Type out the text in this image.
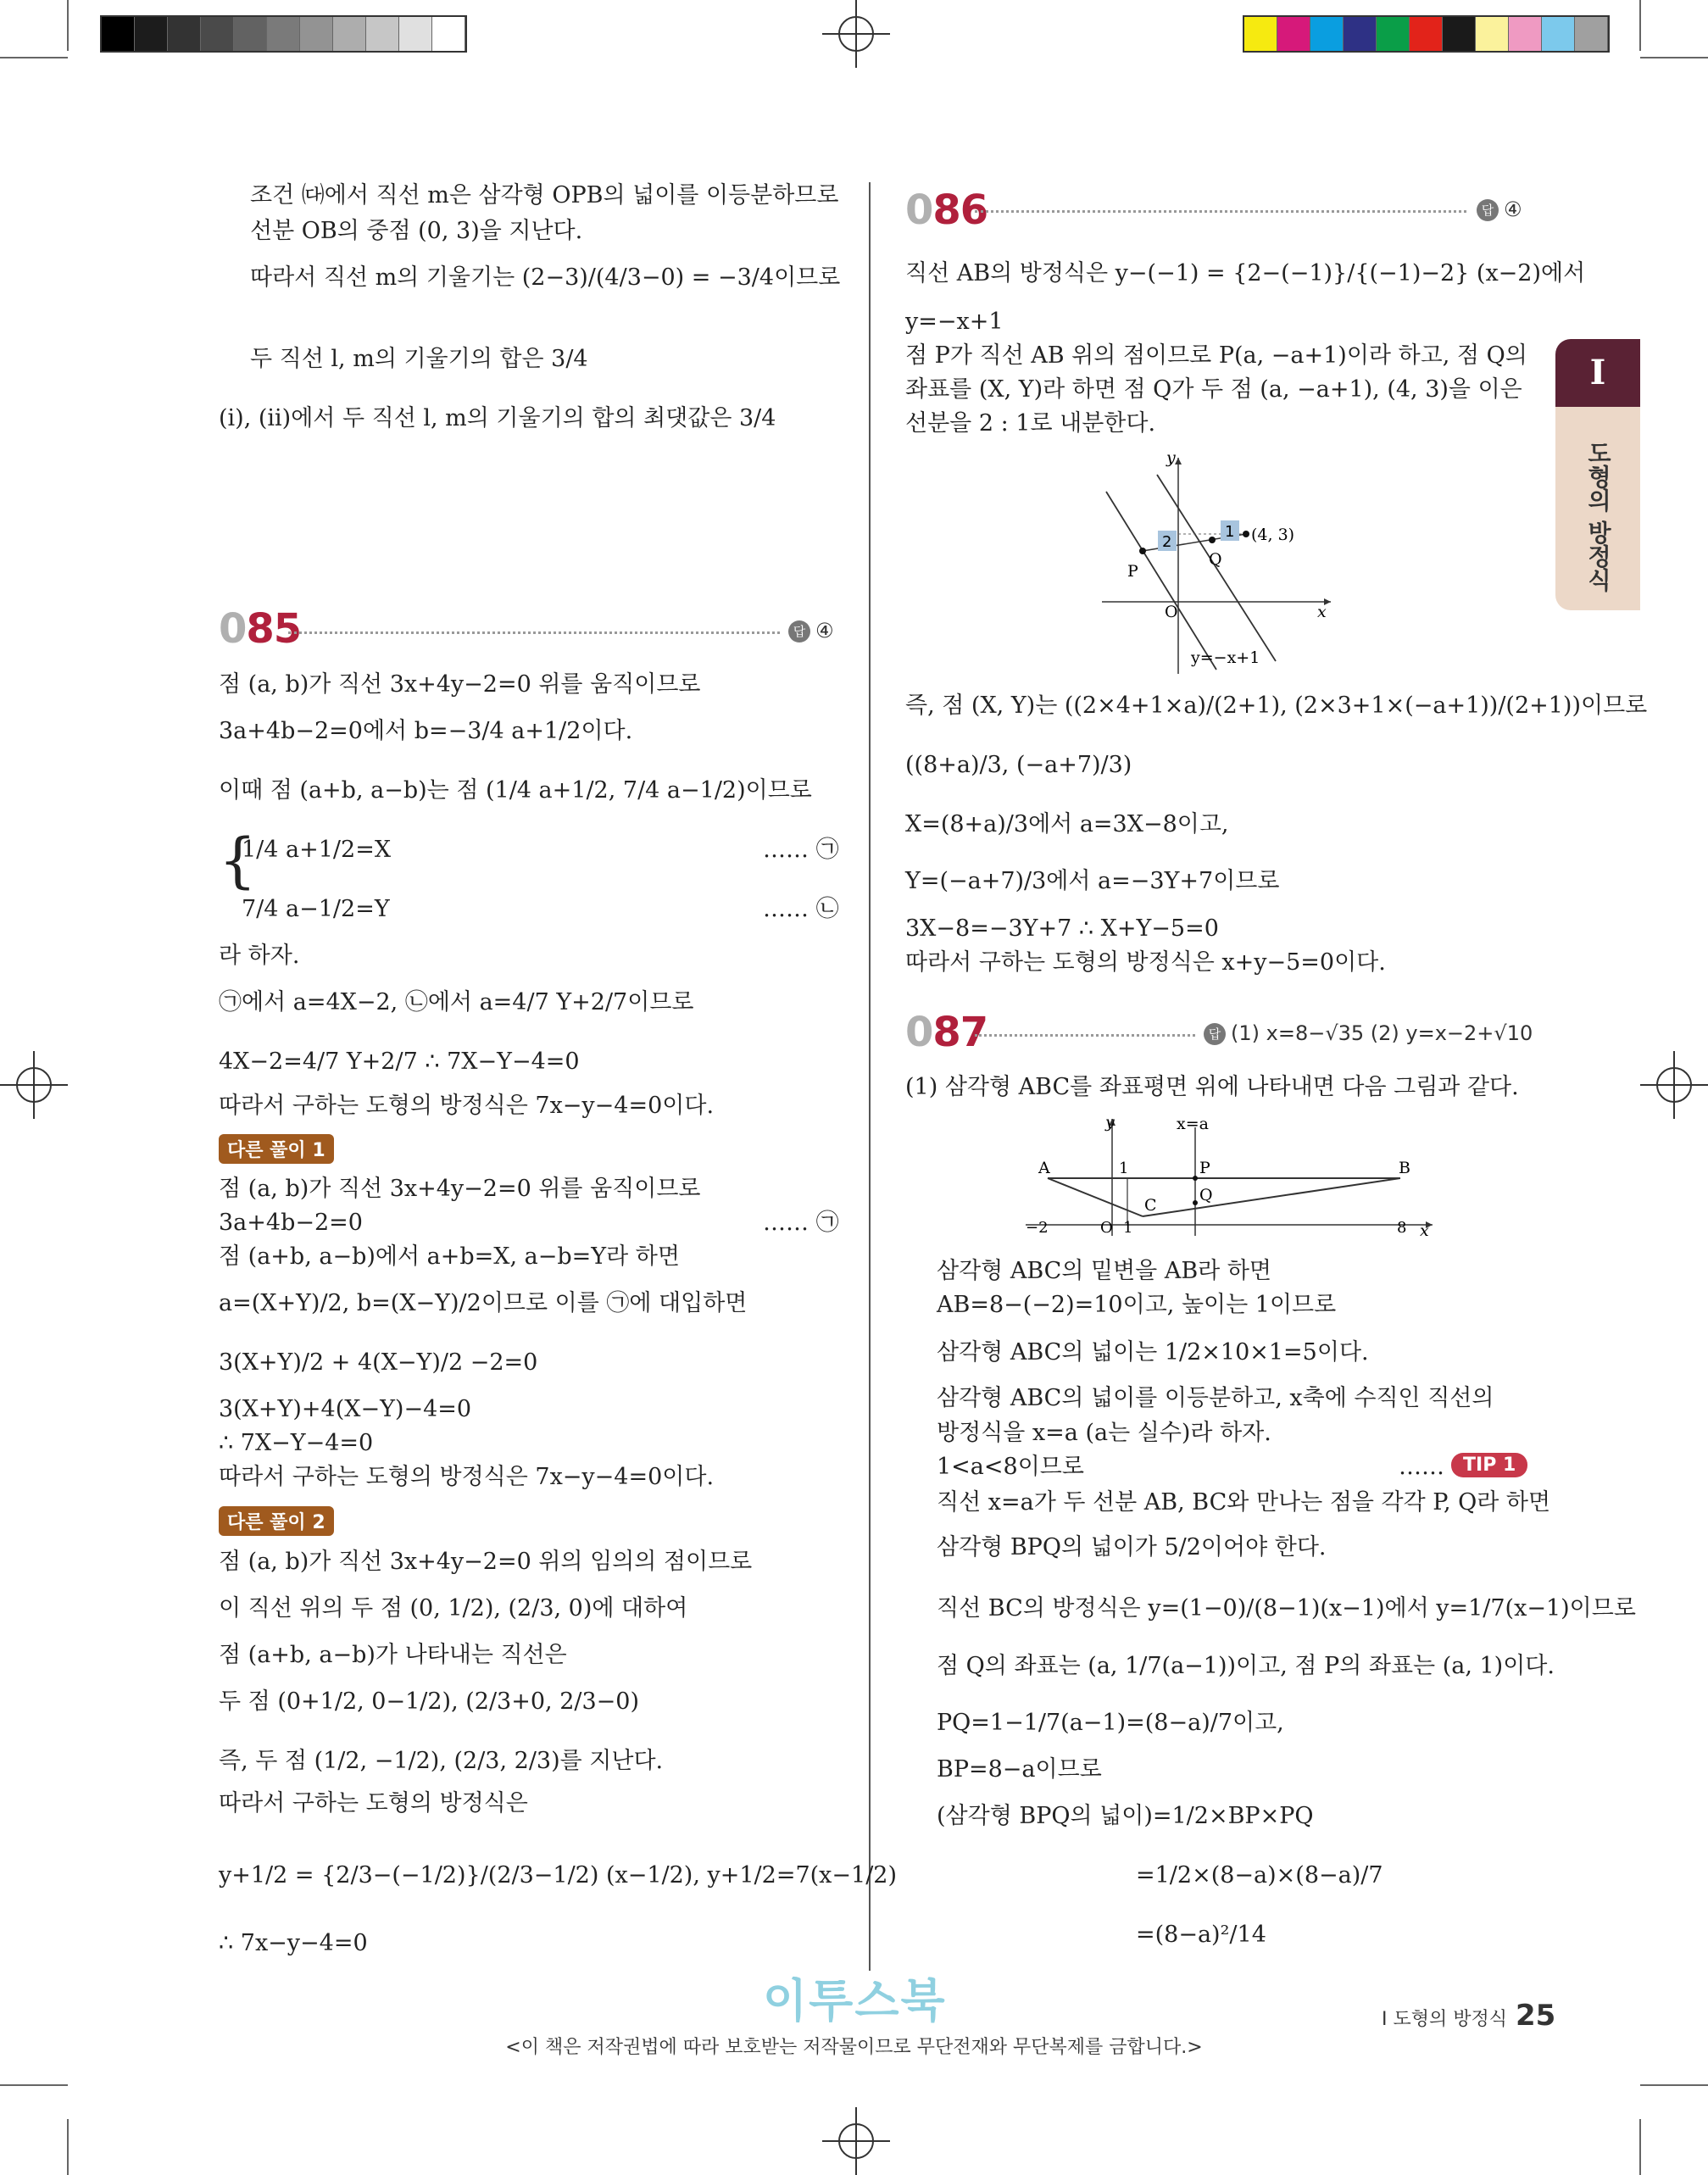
I
도형의 방정식
조건 ㈐에서 직선 m은 삼각형 OPB의 넓이를 이등분하므로
선분 OB의 중점 (0, 3)을 지난다.
따라서 직선 m의 기울기는 (2−3)/(4/3−0) = −3/4이므로
두 직선 l, m의 기울기의 합은 3/4
(ⅰ), (ⅱ)에서 두 직선 l, m의 기울기의 합의 최댓값은 3/4
085	답 ④
점 (a, b)가 직선 3x+4y−2=0 위를 움직이므로
3a+4b−2=0에서 b=−3/4 a+1/2이다.
이때 점 (a+b, a−b)는 점 (1/4 a+1/2, 7/4 a−1/2)이므로
{
1/4 a+1/2=X
7/4 a−1/2=Y
…… ㉠
…… ㉡
라 하자.
㉠에서 a=4X−2, ㉡에서 a=4/7 Y+2/7이므로
4X−2=4/7 Y+2/7 ∴ 7X−Y−4=0
따라서 구하는 도형의 방정식은 7x−y−4=0이다.
다른 풀이 1
점 (a, b)가 직선 3x+4y−2=0 위를 움직이므로
3a+4b−2=0	…… ㉠
점 (a+b, a−b)에서 a+b=X, a−b=Y라 하면
a=(X+Y)/2, b=(X−Y)/2이므로 이를 ㉠에 대입하면
3(X+Y)/2 + 4(X−Y)/2 −2=0
3(X+Y)+4(X−Y)−4=0
∴ 7X−Y−4=0
따라서 구하는 도형의 방정식은 7x−y−4=0이다.
다른 풀이 2
점 (a, b)가 직선 3x+4y−2=0 위의 임의의 점이므로
이 직선 위의 두 점 (0, 1/2), (2/3, 0)에 대하여
점 (a+b, a−b)가 나타내는 직선은
두 점 (0+1/2, 0−1/2), (2/3+0, 2/3−0)
즉, 두 점 (1/2, −1/2), (2/3, 2/3)를 지난다.
따라서 구하는 도형의 방정식은
y+1/2 = {2/3−(−1/2)}/(2/3−1/2) (x−1/2), y+1/2=7(x−1/2)
∴ 7x−y−4=0
086	답 ④
직선 AB의 방정식은 y−(−1) = {2−(−1)}/{(−1)−2} (x−2)에서
y=−x+1
점 P가 직선 AB 위의 점이므로 P(a, −a+1)이라 하고, 점 Q의
좌표를 (X, Y)라 하면 점 Q가 두 점 (a, −a+1), (4, 3)을 이은
선분을 2 : 1로 내분한다.
2
1 (4, 3)
P
Q
O	x
y
y=−x+1
즉, 점 (X, Y)는 ((2×4+1×a)/(2+1), (2×3+1×(−a+1))/(2+1))이므로
((8+a)/3, (−a+7)/3)
X=(8+a)/3에서 a=3X−8이고,
Y=(−a+7)/3에서 a=−3Y+7이므로
3X−8=−3Y+7 ∴ X+Y−5=0
따라서 구하는 도형의 방정식은 x+y−5=0이다.
087	답 (1) x=8−√35 (2) y=x−2+√10
(1) 삼각형 ABC를 좌표평면 위에 나타내면 다음 그림과 같다.
A	B
C
P
Q
O	x
y	x=a
−2	1	8
1
삼각형 ABC의 밑변을 AB라 하면
AB=8−(−2)=10이고, 높이는 1이므로
삼각형 ABC의 넓이는 1/2×10×1=5이다.
삼각형 ABC의 넓이를 이등분하고, x축에 수직인 직선의
방정식을 x=a (a는 실수)라 하자.
1<a<8이므로	……	TIP 1
직선 x=a가 두 선분 AB, BC와 만나는 점을 각각 P, Q라 하면
삼각형 BPQ의 넓이가 5/2이어야 한다.
직선 BC의 방정식은 y=(1−0)/(8−1)(x−1)에서 y=1/7(x−1)이므로
점 Q의 좌표는 (a, 1/7(a−1))이고, 점 P의 좌표는 (a, 1)이다.
PQ=1−1/7(a−1)=(8−a)/7이고,
BP=8−a이므로
(삼각형 BPQ의 넓이)=1/2×BP×PQ
=1/2×(8−a)×(8−a)/7
=(8−a)²/14
이투스북	I 도형의 방정식 25
<이 책은 저작권법에 따라 보호받는 저작물이므로 무단전재와 무단복제를 금합니다.>
